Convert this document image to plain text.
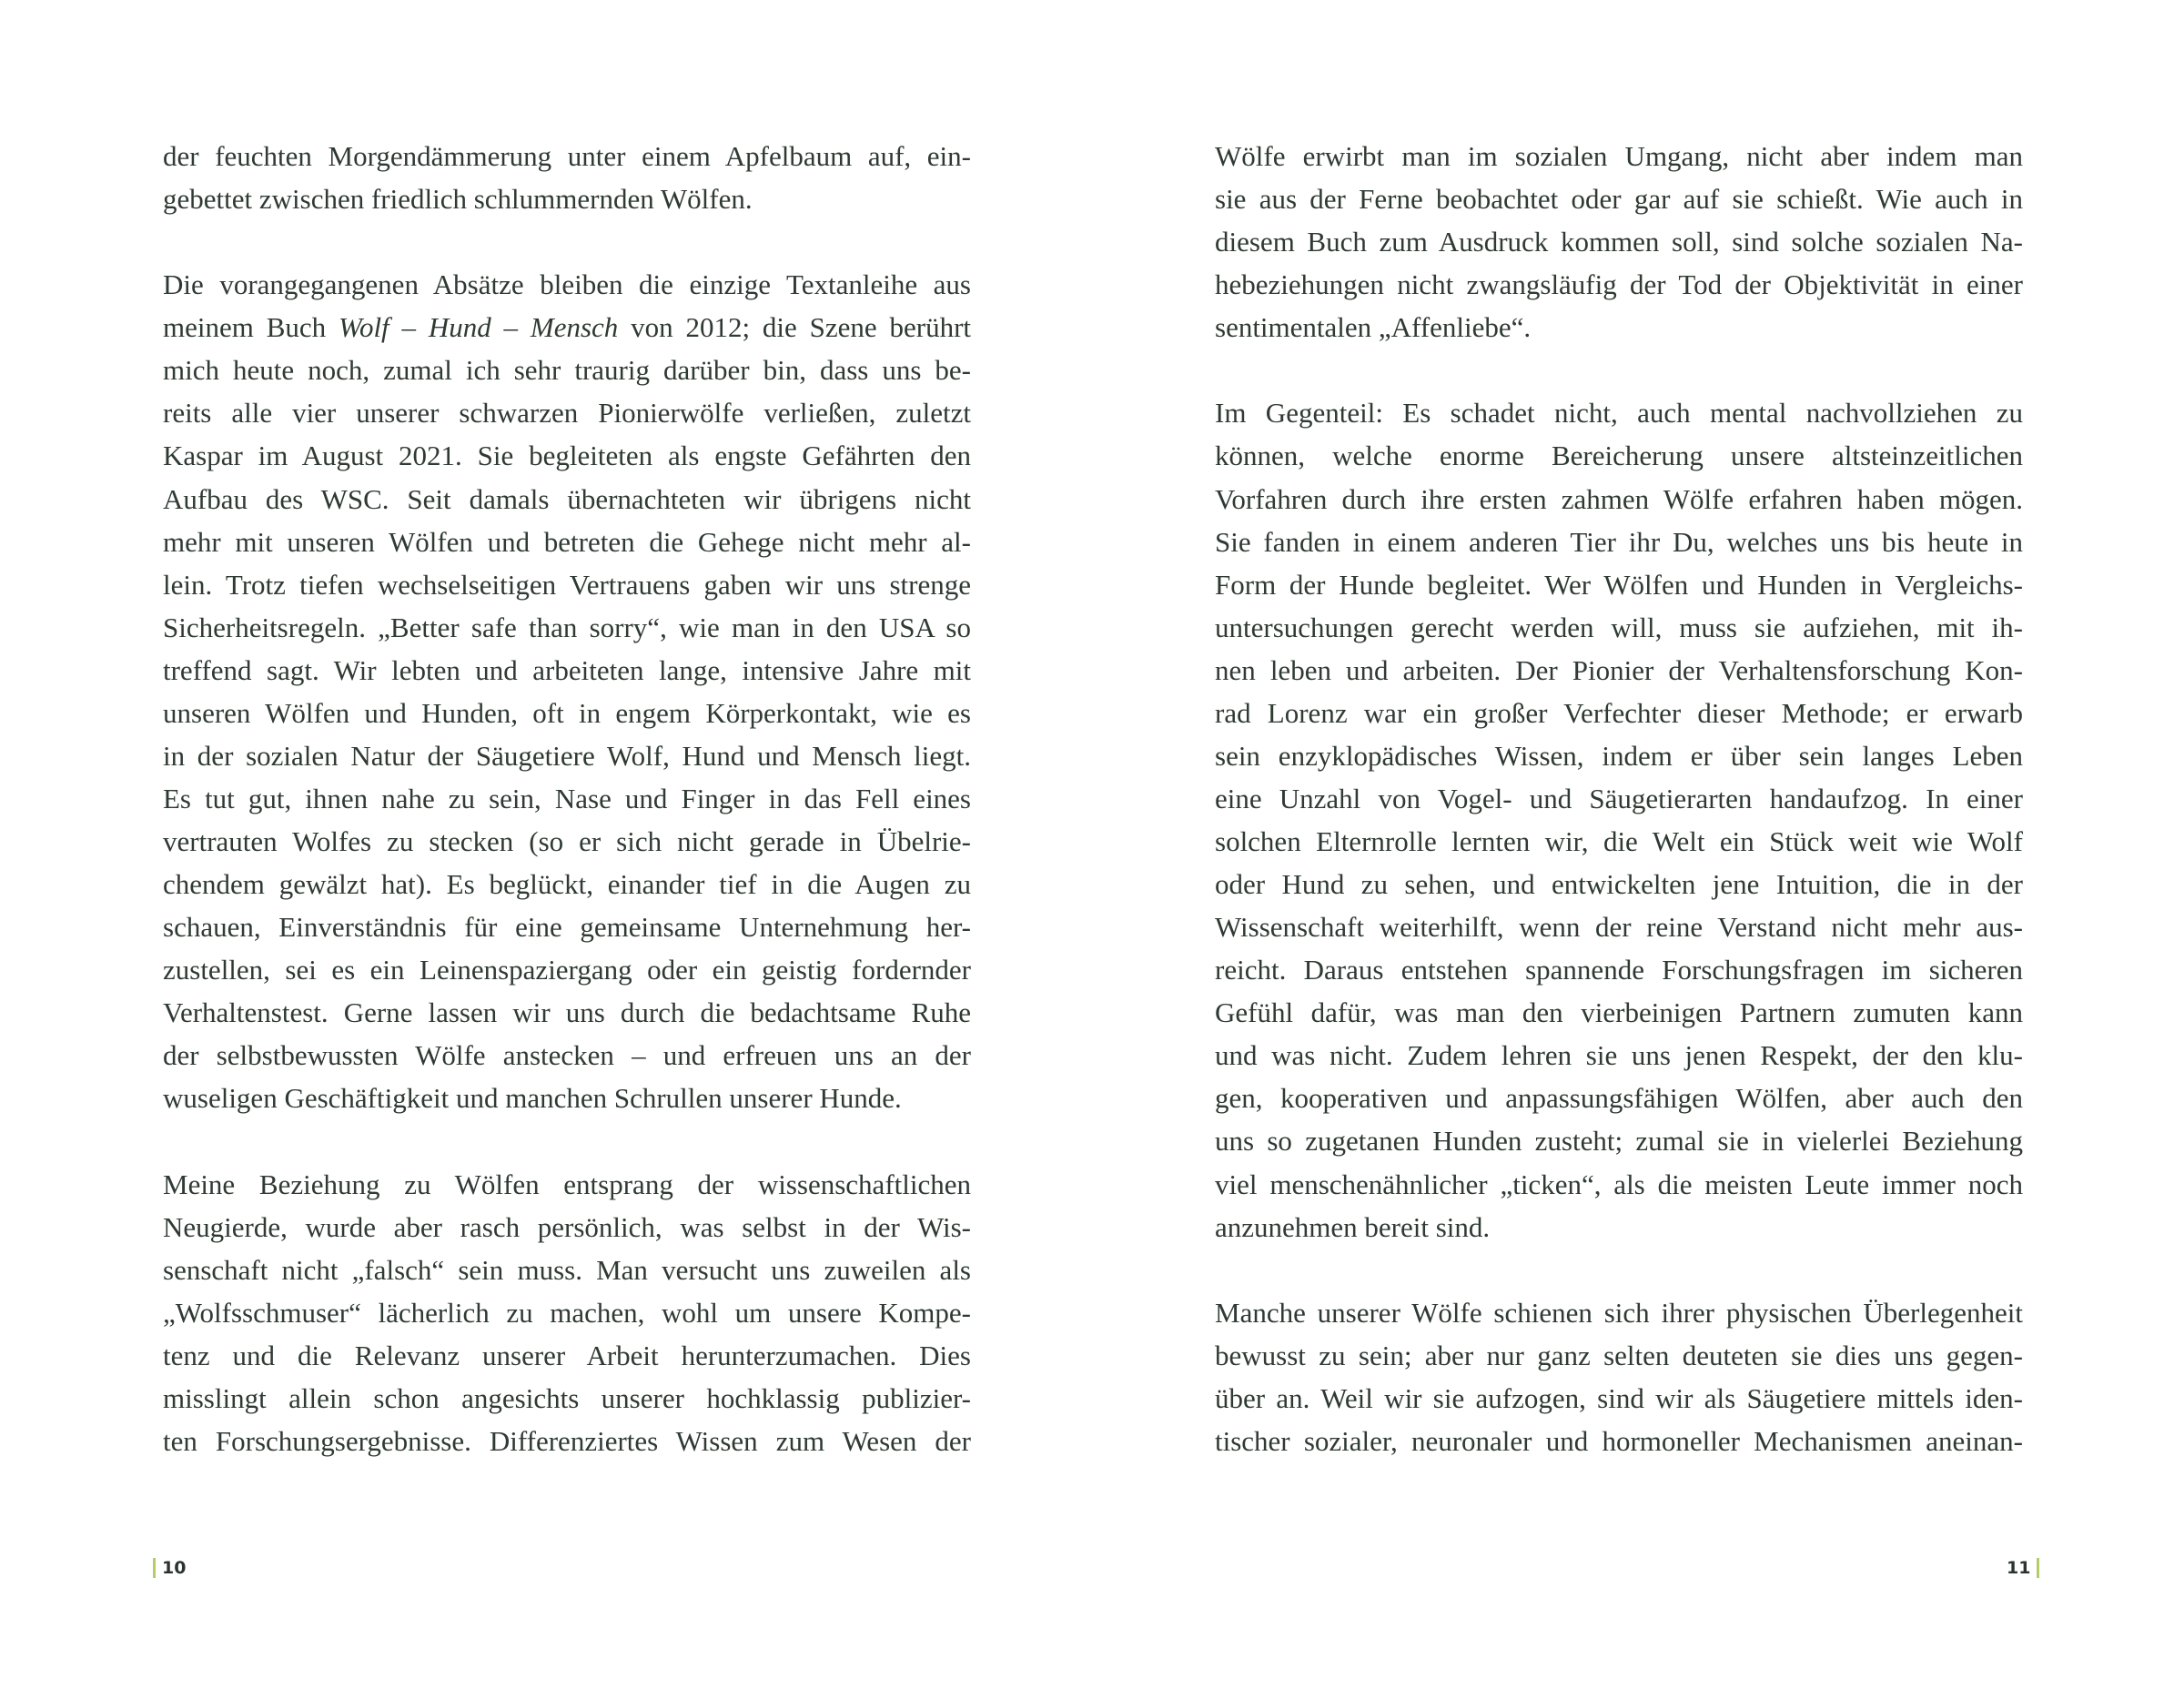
der feuchten Morgendämmerung unter einem Apfelbaum auf, ein-
gebettet zwischen friedlich schlummernden Wölfen.
Die vorangegangenen Absätze bleiben die einzige Textanleihe aus
meinem Buch Wolf – Hund – Mensch von 2012; die Szene berührt
mich heute noch, zumal ich sehr traurig darüber bin, dass uns be-
reits alle vier unserer schwarzen Pionierwölfe verließen, zuletzt
Kaspar im August 2021. Sie begleiteten als engste Gefährten den
Aufbau des WSC. Seit damals übernachteten wir übrigens nicht
mehr mit unseren Wölfen und betreten die Gehege nicht mehr al-
lein. Trotz tiefen wechselseitigen Vertrauens gaben wir uns strenge
Sicherheitsregeln. „Better safe than sorry“, wie man in den USA so
treffend sagt. Wir lebten und arbeiteten lange, intensive Jahre mit
unseren Wölfen und Hunden, oft in engem Körperkontakt, wie es
in der sozialen Natur der Säugetiere Wolf, Hund und Mensch liegt.
Es tut gut, ihnen nahe zu sein, Nase und Finger in das Fell eines
vertrauten Wolfes zu stecken (so er sich nicht gerade in Übelrie-
chendem gewälzt hat). Es beglückt, einander tief in die Augen zu
schauen, Einverständnis für eine gemeinsame Unternehmung her-
zustellen, sei es ein Leinenspaziergang oder ein geistig fordernder
Verhaltenstest. Gerne lassen wir uns durch die bedachtsame Ruhe
der selbstbewussten Wölfe anstecken – und erfreuen uns an der
wuseligen Geschäftigkeit und manchen Schrullen unserer Hunde.
Meine Beziehung zu Wölfen entsprang der wissenschaftlichen
Neugierde, wurde aber rasch persönlich, was selbst in der Wis-
senschaft nicht „falsch“ sein muss. Man versucht uns zuweilen als
„Wolfsschmuser“ lächerlich zu machen, wohl um unsere Kompe-
tenz und die Relevanz unserer Arbeit herunterzumachen. Dies
misslingt allein schon angesichts unserer hochklassig publizier-
ten Forschungsergebnisse. Differenziertes Wissen zum Wesen der
Wölfe erwirbt man im sozialen Umgang, nicht aber indem man
sie aus der Ferne beobachtet oder gar auf sie schießt. Wie auch in
diesem Buch zum Ausdruck kommen soll, sind solche sozialen Na-
hebeziehungen nicht zwangsläufig der Tod der Objektivität in einer
sentimentalen „Affenliebe“.
Im Gegenteil: Es schadet nicht, auch mental nachvollziehen zu
können, welche enorme Bereicherung unsere altsteinzeitlichen
Vorfahren durch ihre ersten zahmen Wölfe erfahren haben mögen.
Sie fanden in einem anderen Tier ihr Du, welches uns bis heute in
Form der Hunde begleitet. Wer Wölfen und Hunden in Vergleichs-
untersuchungen gerecht werden will, muss sie aufziehen, mit ih-
nen leben und arbeiten. Der Pionier der Verhaltensforschung Kon-
rad Lorenz war ein großer Verfechter dieser Methode; er erwarb
sein enzyklopädisches Wissen, indem er über sein langes Leben
eine Unzahl von Vogel- und Säugetierarten handaufzog. In einer
solchen Elternrolle lernten wir, die Welt ein Stück weit wie Wolf
oder Hund zu sehen, und entwickelten jene Intuition, die in der
Wissenschaft weiterhilft, wenn der reine Verstand nicht mehr aus-
reicht. Daraus entstehen spannende Forschungsfragen im sicheren
Gefühl dafür, was man den vierbeinigen Partnern zumuten kann
und was nicht. Zudem lehren sie uns jenen Respekt, der den klu-
gen, kooperativen und anpassungsfähigen Wölfen, aber auch den
uns so zugetanen Hunden zusteht; zumal sie in vielerlei Beziehung
viel menschenähnlicher „ticken“, als die meisten Leute immer noch
anzunehmen bereit sind.
Manche unserer Wölfe schienen sich ihrer physischen Überlegenheit
bewusst zu sein; aber nur ganz selten deuteten sie dies uns gegen-
über an. Weil wir sie aufzogen, sind wir als Säugetiere mittels iden-
tischer sozialer, neuronaler und hormoneller Mechanismen aneinan-
10	11
